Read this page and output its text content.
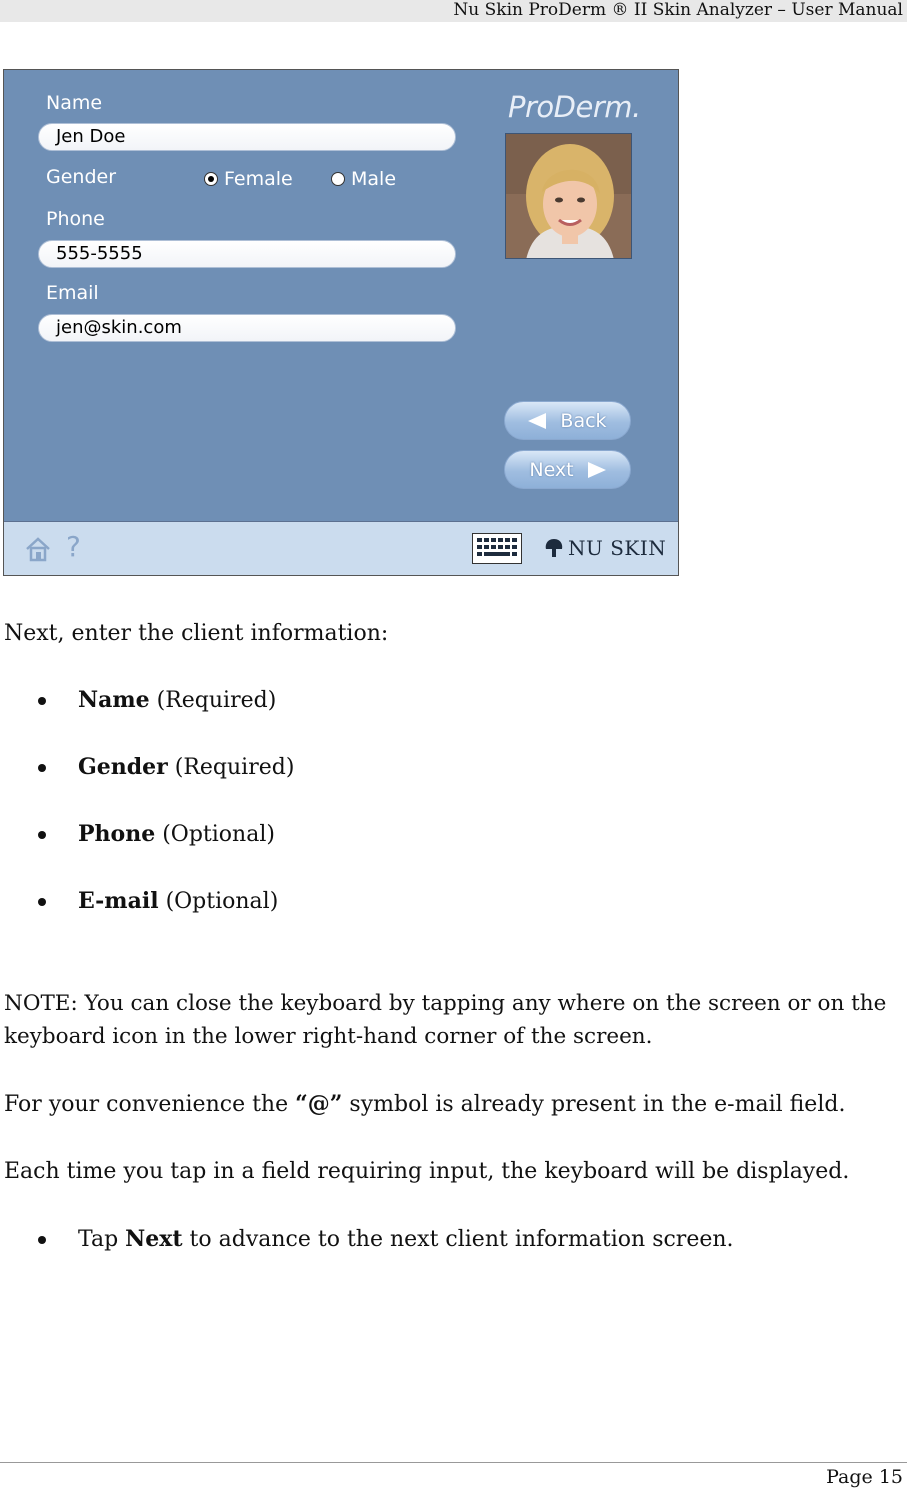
Nu Skin ProDerm ® II Skin Analyzer – User Manual
Name
Jen Doe
Gender	Female	Male
Phone
555-5555
Email
jen@skin.com
ProDerm.
Back
Next
?	NU SKIN

Next, enter the client information:

Name (Required)
Gender (Required)
Phone (Optional)
E-mail (Optional)

NOTE: You can close the keyboard by tapping any where on the screen or on the keyboard icon in the lower right-hand corner of the screen.

For your convenience the “@” symbol is already present in the e-mail field.

Each time you tap in a field requiring input, the keyboard will be displayed.

Tap Next to advance to the next client information screen.
Page 15
